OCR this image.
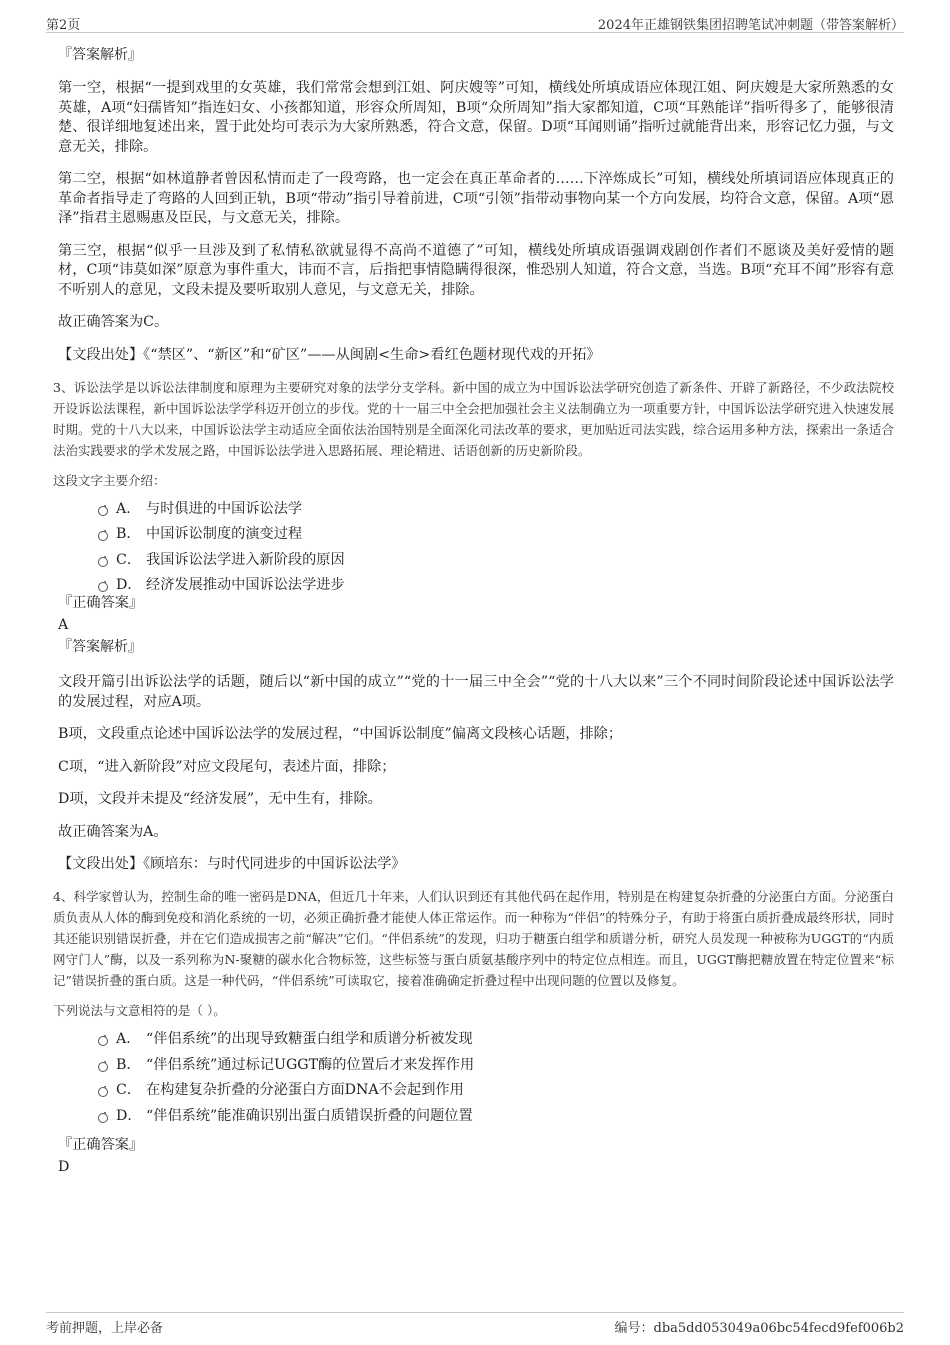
第2页	2024年正雄钢铁集团招聘笔试冲刺题（带答案解析）
『答案解析』

第一空，根据“一提到戏里的女英雄，我们常常会想到江姐、阿庆嫂等”可知，横线处所填成语应体现江姐、阿庆嫂是大家所熟悉的女英雄，A项“妇孺皆知”指连妇女、小孩都知道，形容众所周知，B项“众所周知”指大家都知道，C项“耳熟能详”指听得多了，能够很清楚、很详细地复述出来，置于此处均可表示为大家所熟悉，符合文意，保留。D项“耳闻则诵”指听过就能背出来，形容记忆力强，与文意无关，排除。

第二空，根据“如林道静者曾因私情而走了一段弯路，也一定会在真正革命者的……下淬炼成长”可知，横线处所填词语应体现真正的革命者指导走了弯路的人回到正轨，B项“带动”指引导着前进，C项“引领”指带动事物向某一个方向发展，均符合文意，保留。A项“恩泽”指君主恩赐惠及臣民，与文意无关，排除。

第三空，根据“似乎一旦涉及到了私情私欲就显得不高尚不道德了”可知，横线处所填成语强调戏剧创作者们不愿谈及美好爱情的题材，C项“讳莫如深”原意为事件重大，讳而不言，后指把事情隐瞒得很深，惟恐别人知道，符合文意，当选。B项“充耳不闻”形容有意不听别人的意见，文段未提及要听取别人意见，与文意无关，排除。

故正确答案为C。

【文段出处】《“禁区”、“新区”和“矿区”——从闽剧<生命>看红色题材现代戏的开拓》

3、诉讼法学是以诉讼法律制度和原理为主要研究对象的法学分支学科。新中国的成立为中国诉讼法学研究创造了新条件、开辟了新路径，不少政法院校开设诉讼法课程，新中国诉讼法学学科迈开创立的步伐。党的十一届三中全会把加强社会主义法制确立为一项重要方针，中国诉讼法学研究进入快速发展时期。党的十八大以来，中国诉讼法学主动适应全面依法治国特别是全面深化司法改革的要求，更加贴近司法实践，综合运用多种方法，探索出一条适合法治实践要求的学术发展之路，中国诉讼法学进入思路拓展、理论精进、话语创新的历史新阶段。

这段文字主要介绍：

A． 与时俱进的中国诉讼法学
B． 中国诉讼制度的演变过程
C． 我国诉讼法学进入新阶段的原因
D． 经济发展推动中国诉讼法学进步
『正确答案』
A
『答案解析』

文段开篇引出诉讼法学的话题，随后以“新中国的成立”“党的十一届三中全会”“党的十八大以来”三个不同时间阶段论述中国诉讼法学的发展过程，对应A项。

B项，文段重点论述中国诉讼法学的发展过程，“中国诉讼制度”偏离文段核心话题，排除；

C项，“进入新阶段”对应文段尾句，表述片面，排除；

D项，文段并未提及“经济发展”，无中生有，排除。

故正确答案为A。

【文段出处】《顾培东：与时代同进步的中国诉讼法学》

4、科学家曾认为，控制生命的唯一密码是DNA，但近几十年来，人们认识到还有其他代码在起作用，特别是在构建复杂折叠的分泌蛋白方面。分泌蛋白质负责从人体的酶到免疫和消化系统的一切，必须正确折叠才能使人体正常运作。而一种称为“伴侣”的特殊分子，有助于将蛋白质折叠成最终形状，同时其还能识别错误折叠，并在它们造成损害之前“解决”它们。“伴侣系统”的发现，归功于糖蛋白组学和质谱分析，研究人员发现一种被称为UGGT的“内质网守门人”酶，以及一系列称为N-聚糖的碳水化合物标签，这些标签与蛋白质氨基酸序列中的特定位点相连。而且，UGGT酶把糖放置在特定位置来“标记”错误折叠的蛋白质。这是一种代码，“伴侣系统”可读取它，接着准确确定折叠过程中出现问题的位置以及修复。

下列说法与文意相符的是（ ）。

A． “伴侣系统”的出现导致糖蛋白组学和质谱分析被发现
B． “伴侣系统”通过标记UGGT酶的位置后才来发挥作用
C． 在构建复杂折叠的分泌蛋白方面DNA不会起到作用
D． “伴侣系统”能准确识别出蛋白质错误折叠的问题位置
『正确答案』
D
考前押题，上岸必备	编号：dba5dd053049a06bc54fecd9fef006b2
